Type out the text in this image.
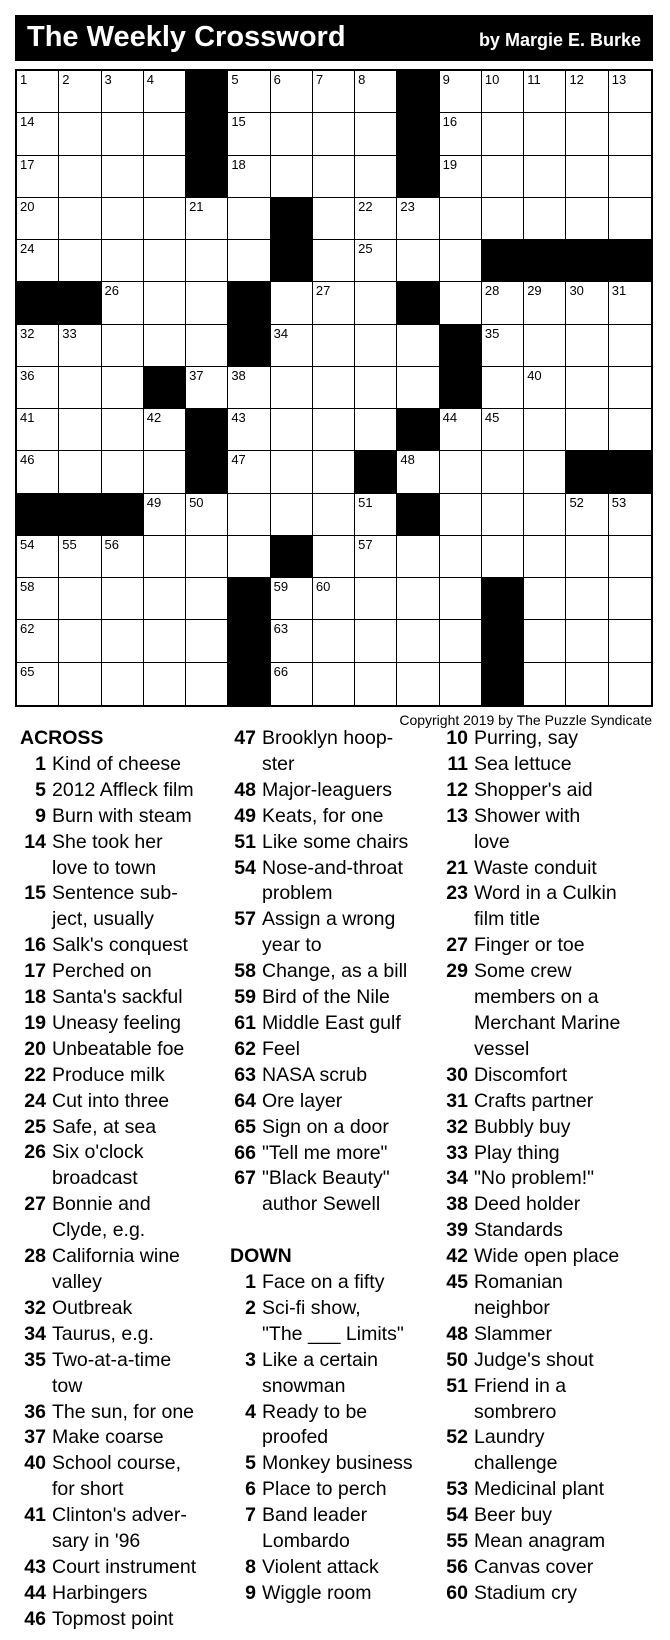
The Weekly Crossword	by Margie E. Burke
1	2	3	4	5	6	7	8	9	10 11 12 13
14	15	16
17	18	19
20	21	22 23
24	25
26	27	28 29 30 31
32 33	34	35
36	37 38	39	40
41	42	43	44 45
46	47	48
49 50	51	52 53
54 55 56	57
58	59 60	61
62	63	64
65	66	67
Copyright 2019 by The Puzzle Syndicate
ACROSS
1 Kind of cheese
5 2012 Affleck film
9 Burn with steam
14 She took her
love to town
15 Sentence sub-
ject, usually
16 Salk's conquest
17 Perched on
18 Santa's sackful
19 Uneasy feeling
20 Unbeatable foe
22 Produce milk
24 Cut into three
25 Safe, at sea
26 Six o'clock
broadcast
27 Bonnie and
Clyde, e.g.
28 California wine
valley
32 Outbreak
34 Taurus, e.g.
35 Two-at-a-time
tow
36 The sun, for one
37 Make coarse
40 School course,
for short
41 Clinton's adver-
sary in '96
43 Court instrument
44 Harbingers
46 Topmost point
47 Brooklyn hoop-
ster
48 Major-leaguers
49 Keats, for one
51 Like some chairs
54 Nose-and-throat
problem
57 Assign a wrong
year to
58 Change, as a bill
59 Bird of the Nile
61 Middle East gulf
62 Feel
63 NASA scrub
64 Ore layer
65 Sign on a door
66 "Tell me more"
67 "Black Beauty"
author Sewell
DOWN
1 Face on a fifty
2 Sci-fi show,
"The ___ Limits"
3 Like a certain
snowman
4 Ready to be
proofed
5 Monkey business
6 Place to perch
7 Band leader
Lombardo
8 Violent attack
9 Wiggle room
10 Purring, say
11 Sea lettuce
12 Shopper's aid
13 Shower with
love
21 Waste conduit
23 Word in a Culkin
film title
27 Finger or toe
29 Some crew
members on a
Merchant Marine
vessel
30 Discomfort
31 Crafts partner
32 Bubbly buy
33 Play thing
34 "No problem!"
38 Deed holder
39 Standards
42 Wide open place
45 Romanian
neighbor
48 Slammer
50 Judge's shout
51 Friend in a
sombrero
52 Laundry
challenge
53 Medicinal plant
54 Beer buy
55 Mean anagram
56 Canvas cover
60 Stadium cry
